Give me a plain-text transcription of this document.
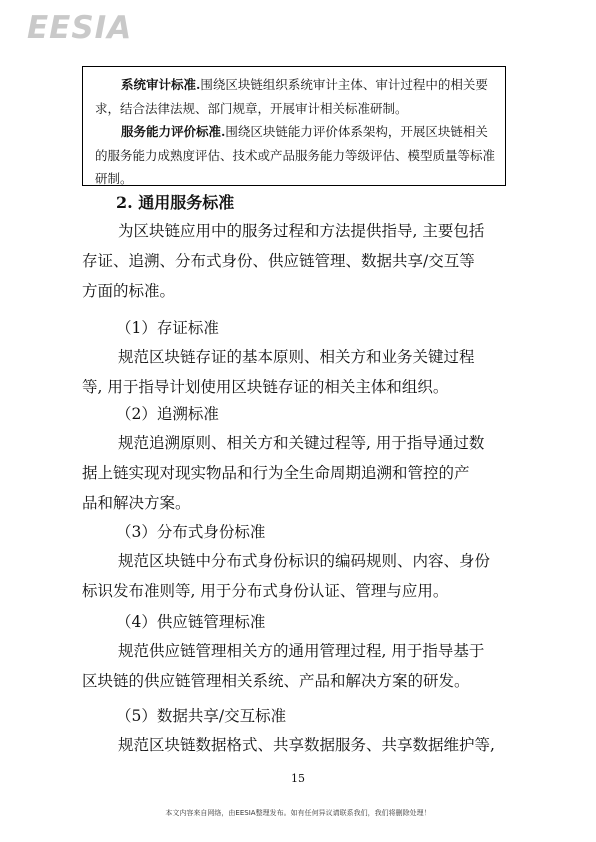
EESIA

系统审计标准.围绕区块链组织系统审计主体、审计过程中的相关要求，结合法律法规、部门规章，开展审计相关标准研制。

服务能力评价标准.围绕区块链能力评价体系架构，开展区块链相关的服务能力成熟度评估、技术或产品服务能力等级评估、模型质量等标准研制。

2. 通用服务标准
为区块链应用中的服务过程和方法提供指导, 主要包括
存证、追溯、分布式身份、供应链管理、数据共享/交互等
方面的标准。
（1）存证标准
规范区块链存证的基本原则、相关方和业务关键过程
等, 用于指导计划使用区块链存证的相关主体和组织。
（2）追溯标准
规范追溯原则、相关方和关键过程等, 用于指导通过数
据上链实现对现实物品和行为全生命周期追溯和管控的产
品和解决方案。
（3）分布式身份标准
规范区块链中分布式身份标识的编码规则、内容、身份
标识发布准则等, 用于分布式身份认证、管理与应用。
（4）供应链管理标准
规范供应链管理相关方的通用管理过程, 用于指导基于
区块链的供应链管理相关系统、产品和解决方案的研发。
（5）数据共享/交互标准
规范区块链数据格式、共享数据服务、共享数据维护等,
15
本文内容来自网络，由EESIA整理发布。如有任何异议请联系我们，我们将删除处理！
